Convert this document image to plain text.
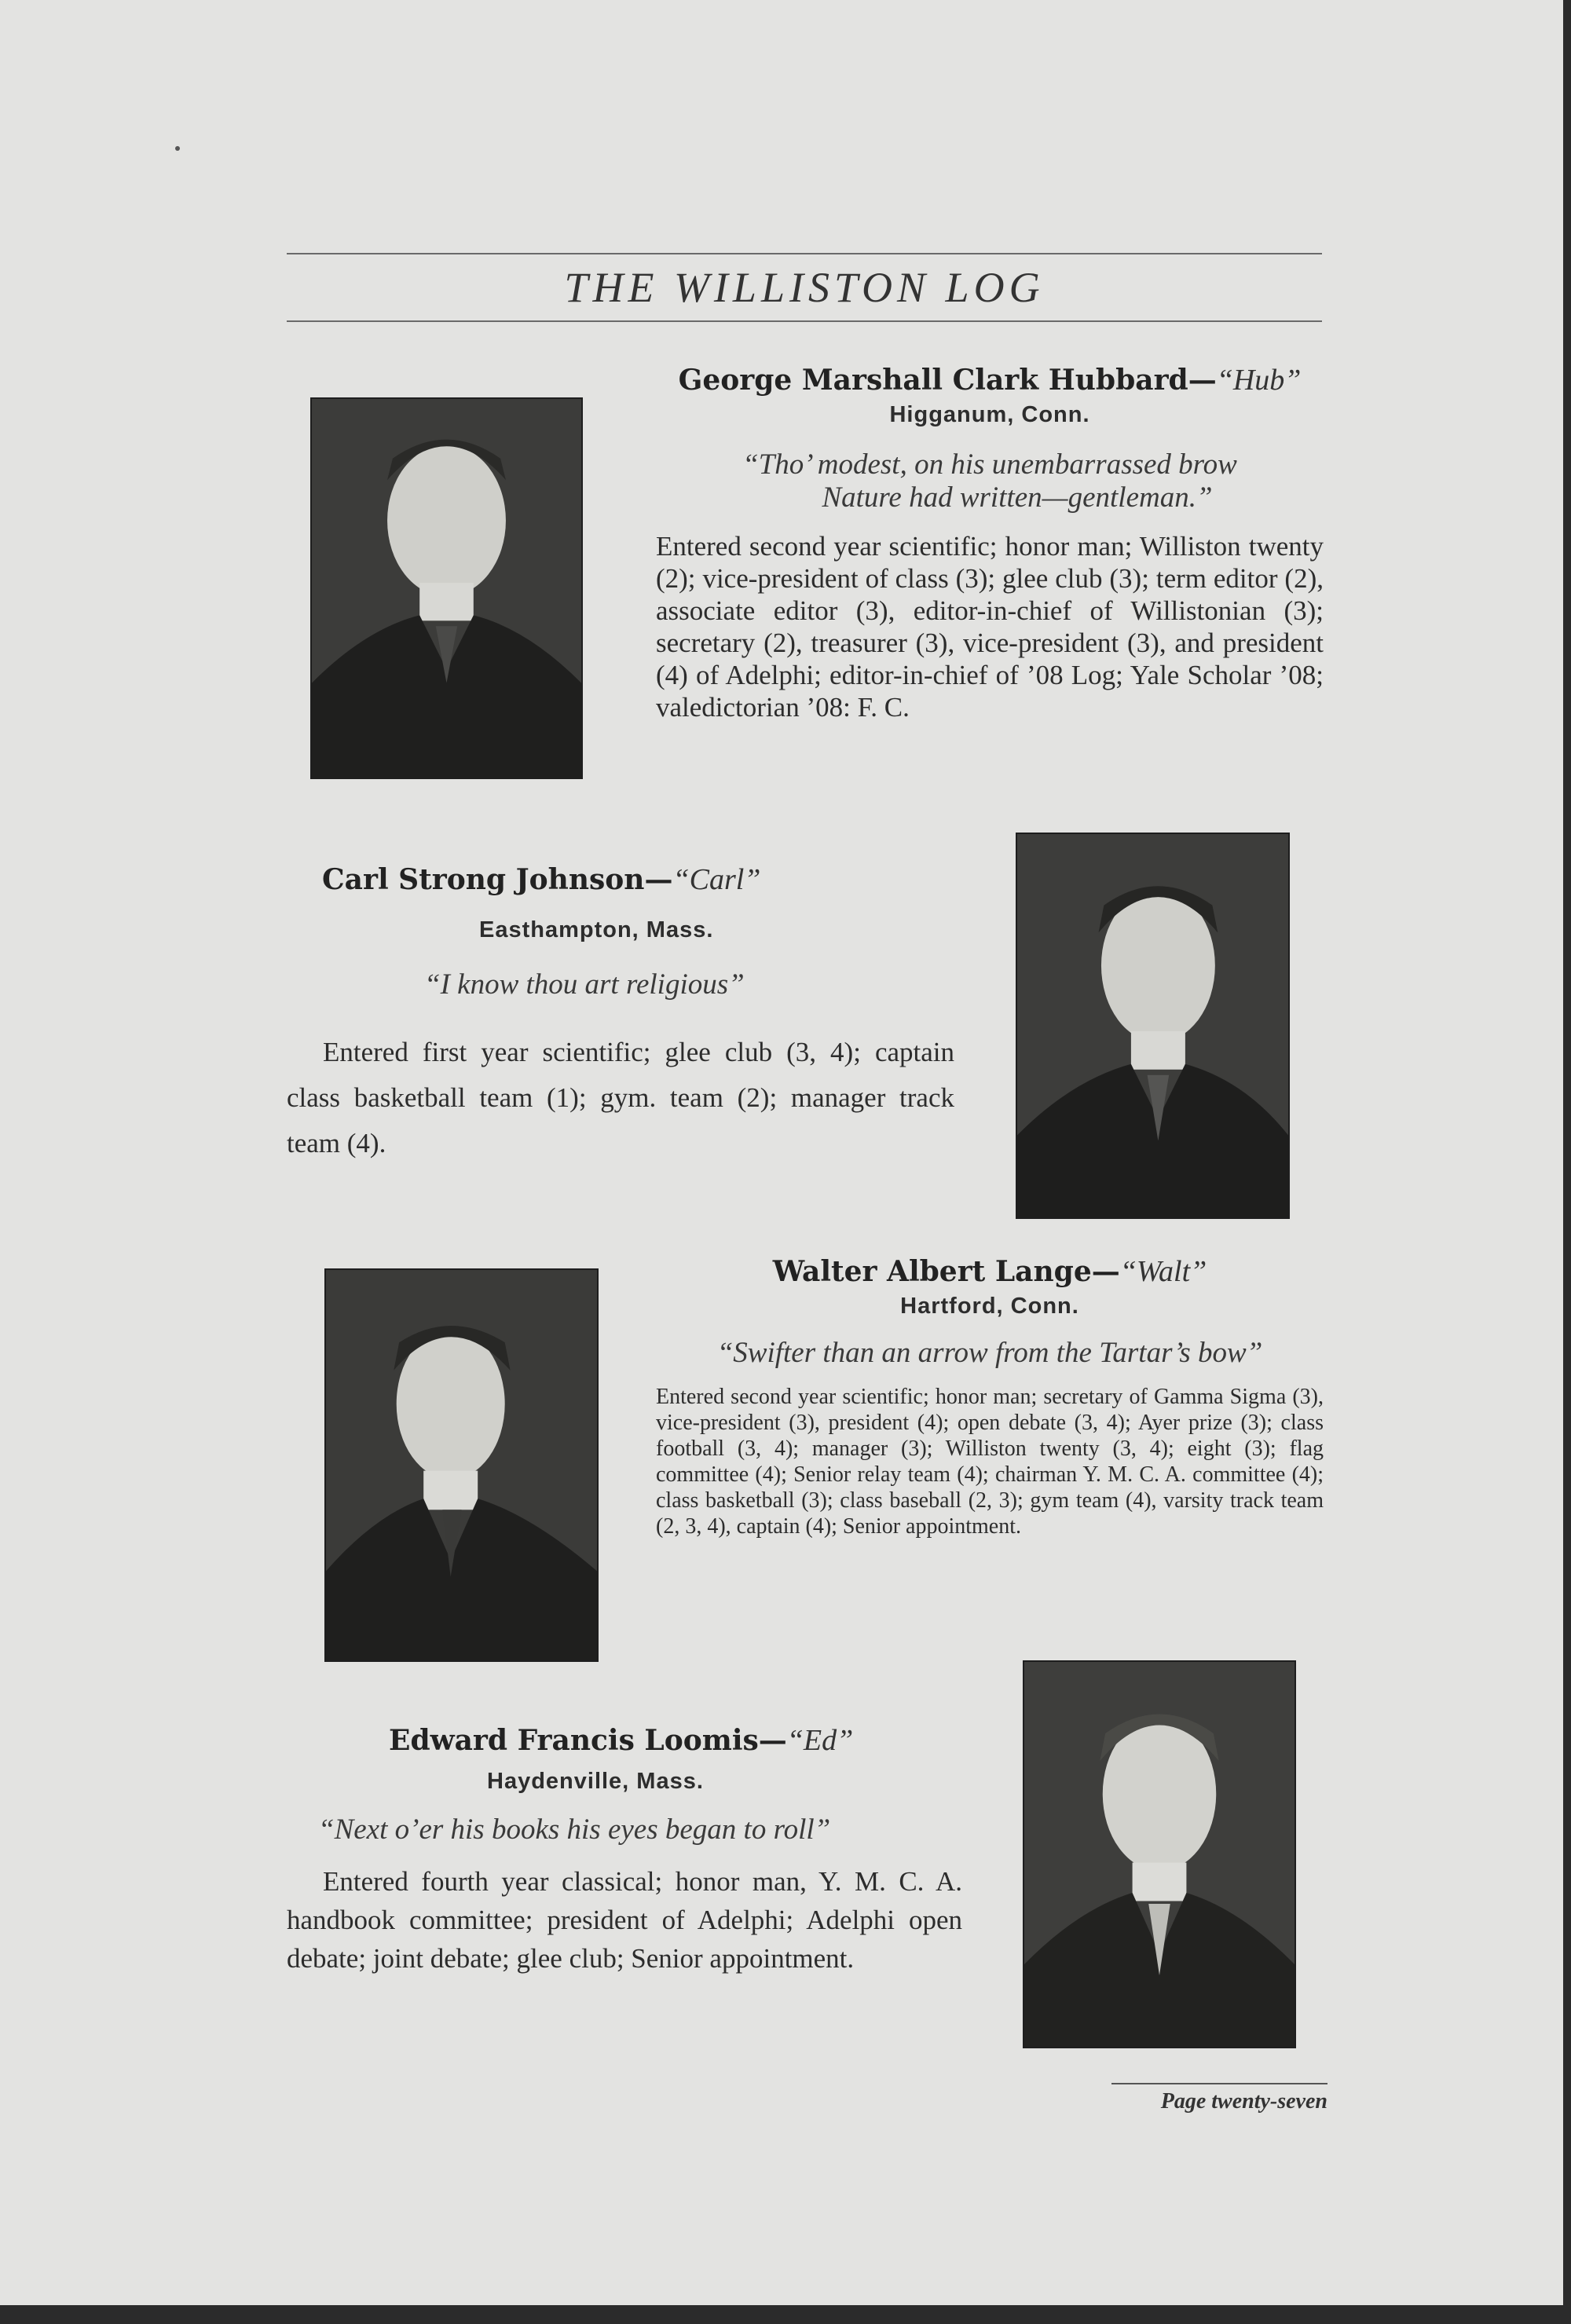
THE WILLISTON LOG
George Marshall Clark Hubbard—“Hub”
Higganum, Conn.
“Tho’ modest, on his unembarrassed brow
Nature had written—gentleman.”
Entered second year scientific; honor man; Williston twenty (2); vice-president of class (3); glee club (3); term editor (2), associate editor (3), editor-in-chief of Willistonian (3); secretary (2), treasurer (3), vice-president (3), and president (4) of Adelphi; editor-in-chief of ’08 Log; Yale Scholar ’08; valedictorian ’08: F. C.
Carl Strong Johnson—“Carl”
Easthampton, Mass.
“I know thou art religious”
Entered first year scientific; glee club (3, 4); captain class basketball team (1); gym. team (2); manager track team (4).
Walter Albert Lange—“Walt”
Hartford, Conn.
“Swifter than an arrow from the Tartar’s bow”
Entered second year scientific; honor man; secretary of Gamma Sigma (3), vice-president (3), president (4); open debate (3, 4); Ayer prize (3); class football (3, 4); manager (3); Williston twenty (3, 4); eight (3); flag committee (4); Senior relay team (4); chairman Y. M. C. A. committee (4); class basketball (3); class baseball (2, 3); gym team (4), varsity track team (2, 3, 4), captain (4); Senior appointment.
Edward Francis Loomis—“Ed”
Haydenville, Mass.
“Next o’er his books his eyes began to roll”
Entered fourth year classical; honor man, Y. M. C. A. handbook committee; president of Adelphi; Adelphi open debate; joint debate; glee club; Senior appointment.
Page twenty-seven
